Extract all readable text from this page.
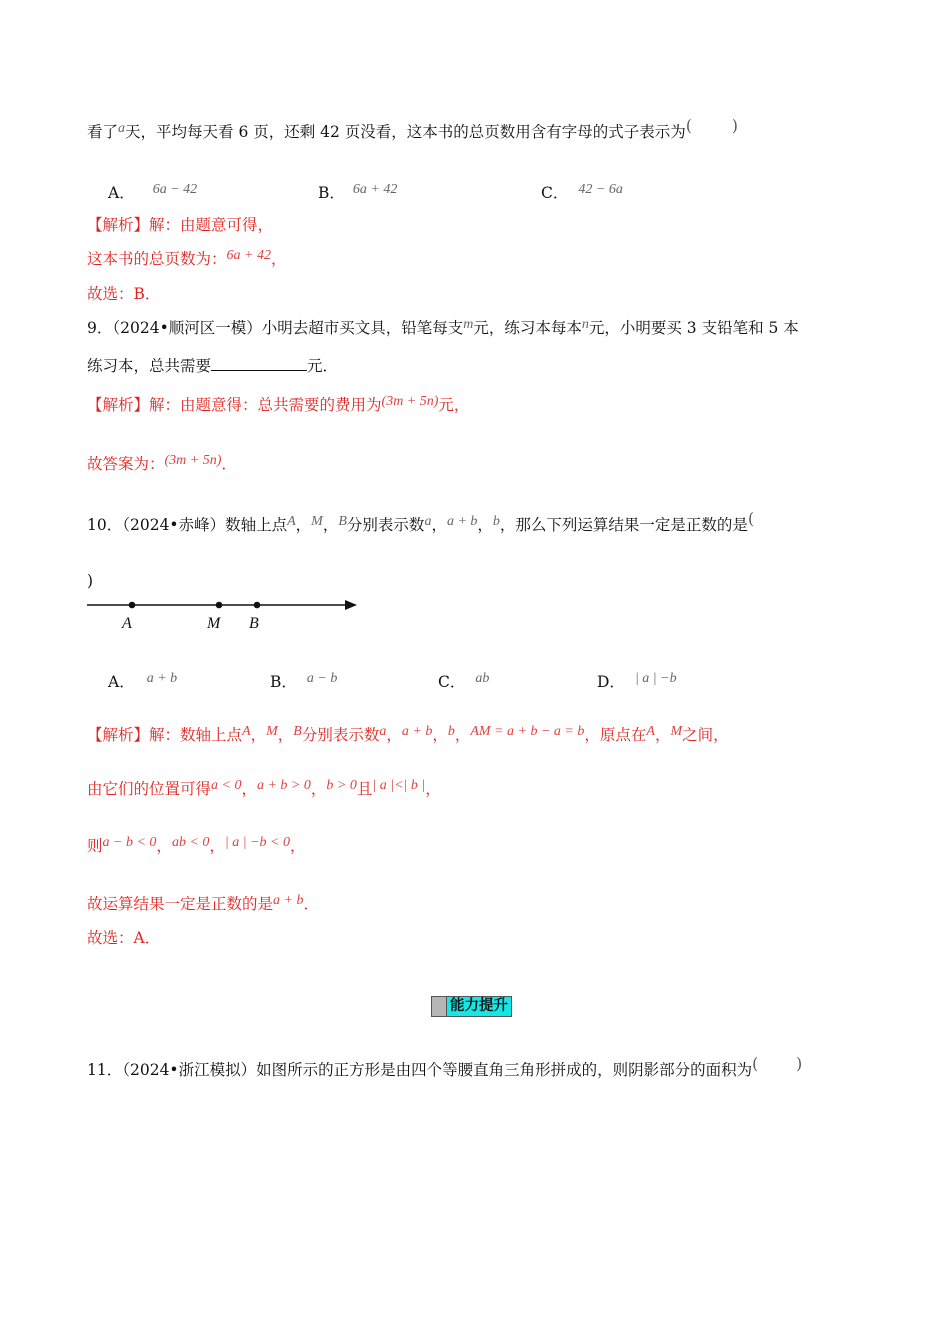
看了a天，平均每天看 6 页，还剩 42 页没看，这本书的总页数用含有字母的式子表示为(	)
A． 6a − 42	B． 6a + 42	C． 42 − 6a
【解析】解：由题意可得，
这本书的总页数为：6a + 42，
故选：B．
9．（2024•顺河区一模）小明去超市买文具，铅笔每支m元，练习本每本n元，小明要买 3 支铅笔和 5 本
练习本，总共需要	元．
【解析】解：由题意得：总共需要的费用为(3m + 5n)元，
故答案为：(3m + 5n)．
10．（2024•赤峰）数轴上点A，M，B分别表示数a，a + b，b，那么下列运算结果一定是正数的是(
)
A	M B
A． a + b	B． a − b	C． ab	D． | a | −b
【解析】解：数轴上点A，M，B分别表示数a，a + b，b，AM = a + b − a = b，原点在A，M之间，
由它们的位置可得a < 0，a + b > 0，b > 0且| a |<| b |，
则a − b < 0，ab < 0，| a | −b < 0，
故运算结果一定是正数的是a + b．
故选：A．
能力提升
11．（2024•浙江模拟）如图所示的正方形是由四个等腰直角三角形拼成的，则阴影部分的面积为( )
